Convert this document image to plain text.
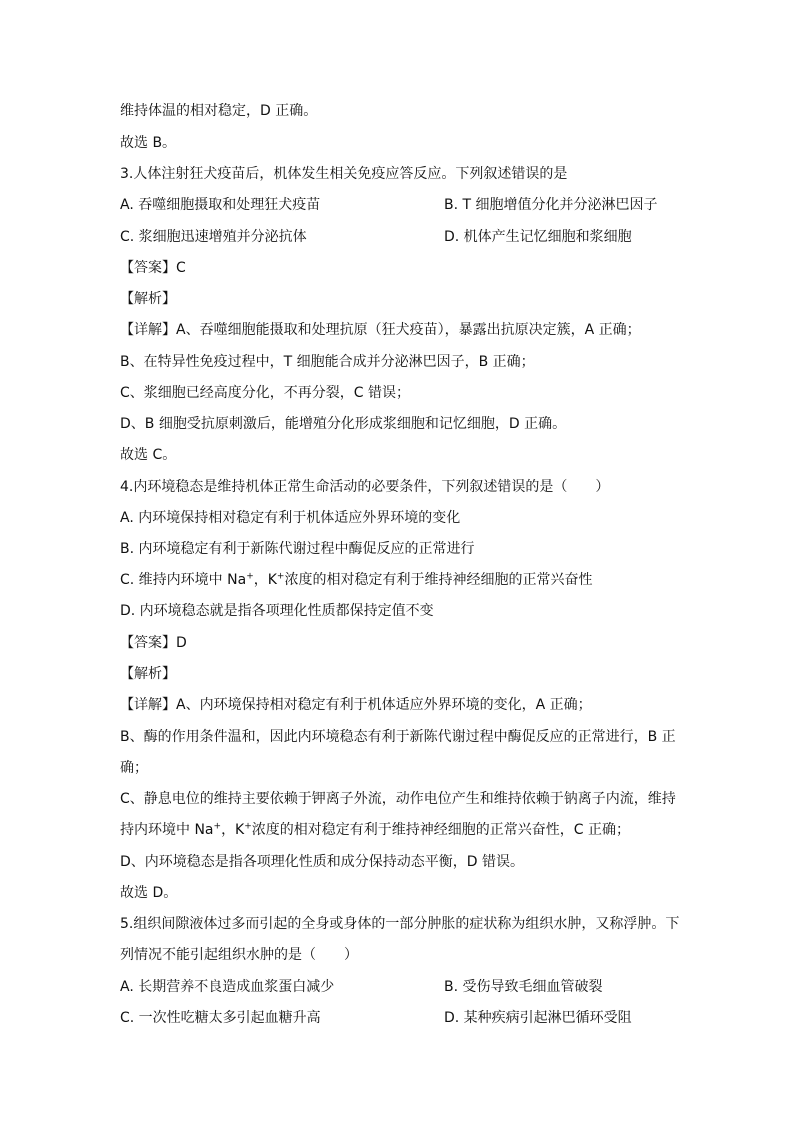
维持体温的相对稳定，D 正确。
故选 B。
3.人体注射狂犬疫苗后，机体发生相关免疫应答反应。下列叙述错误的是
A. 吞噬细胞摄取和处理狂犬疫苗	B. T 细胞增值分化并分泌淋巴因子
C. 浆细胞迅速增殖并分泌抗体	D. 机体产生记忆细胞和浆细胞
【答案】C
【解析】
【详解】A、吞噬细胞能摄取和处理抗原（狂犬疫苗），暴露出抗原决定簇，A 正确；
B、在特异性免疫过程中，T 细胞能合成并分泌淋巴因子，B 正确；
C、浆细胞已经高度分化，不再分裂，C 错误；
D、B 细胞受抗原刺激后，能增殖分化形成浆细胞和记忆细胞，D 正确。
故选 C。
4.内环境稳态是维持机体正常生命活动的必要条件，下列叙述错误的是（　　）
A. 内环境保持相对稳定有利于机体适应外界环境的变化
B. 内环境稳定有利于新陈代谢过程中酶促反应的正常进行
C. 维持内环境中 Na+，K+浓度的相对稳定有利于维持神经细胞的正常兴奋性
D. 内环境稳态就是指各项理化性质都保持定值不变
【答案】D
【解析】
【详解】A、内环境保持相对稳定有利于机体适应外界环境的变化，A 正确；
B、酶的作用条件温和，因此内环境稳态有利于新陈代谢过程中酶促反应的正常进行，B 正
确；
C、静息电位的维持主要依赖于钾离子外流，动作电位产生和维持依赖于钠离子内流，维持
持内环境中 Na+，K+浓度的相对稳定有利于维持神经细胞的正常兴奋性，C 正确；
D、内环境稳态是指各项理化性质和成分保持动态平衡，D 错误。
故选 D。
5.组织间隙液体过多而引起的全身或身体的一部分肿胀的症状称为组织水肿，又称浮肿。下
列情况不能引起组织水肿的是（　　）
A. 长期营养不良造成血浆蛋白减少	B. 受伤导致毛细血管破裂
C. 一次性吃糖太多引起血糖升高	D. 某种疾病引起淋巴循环受阻
